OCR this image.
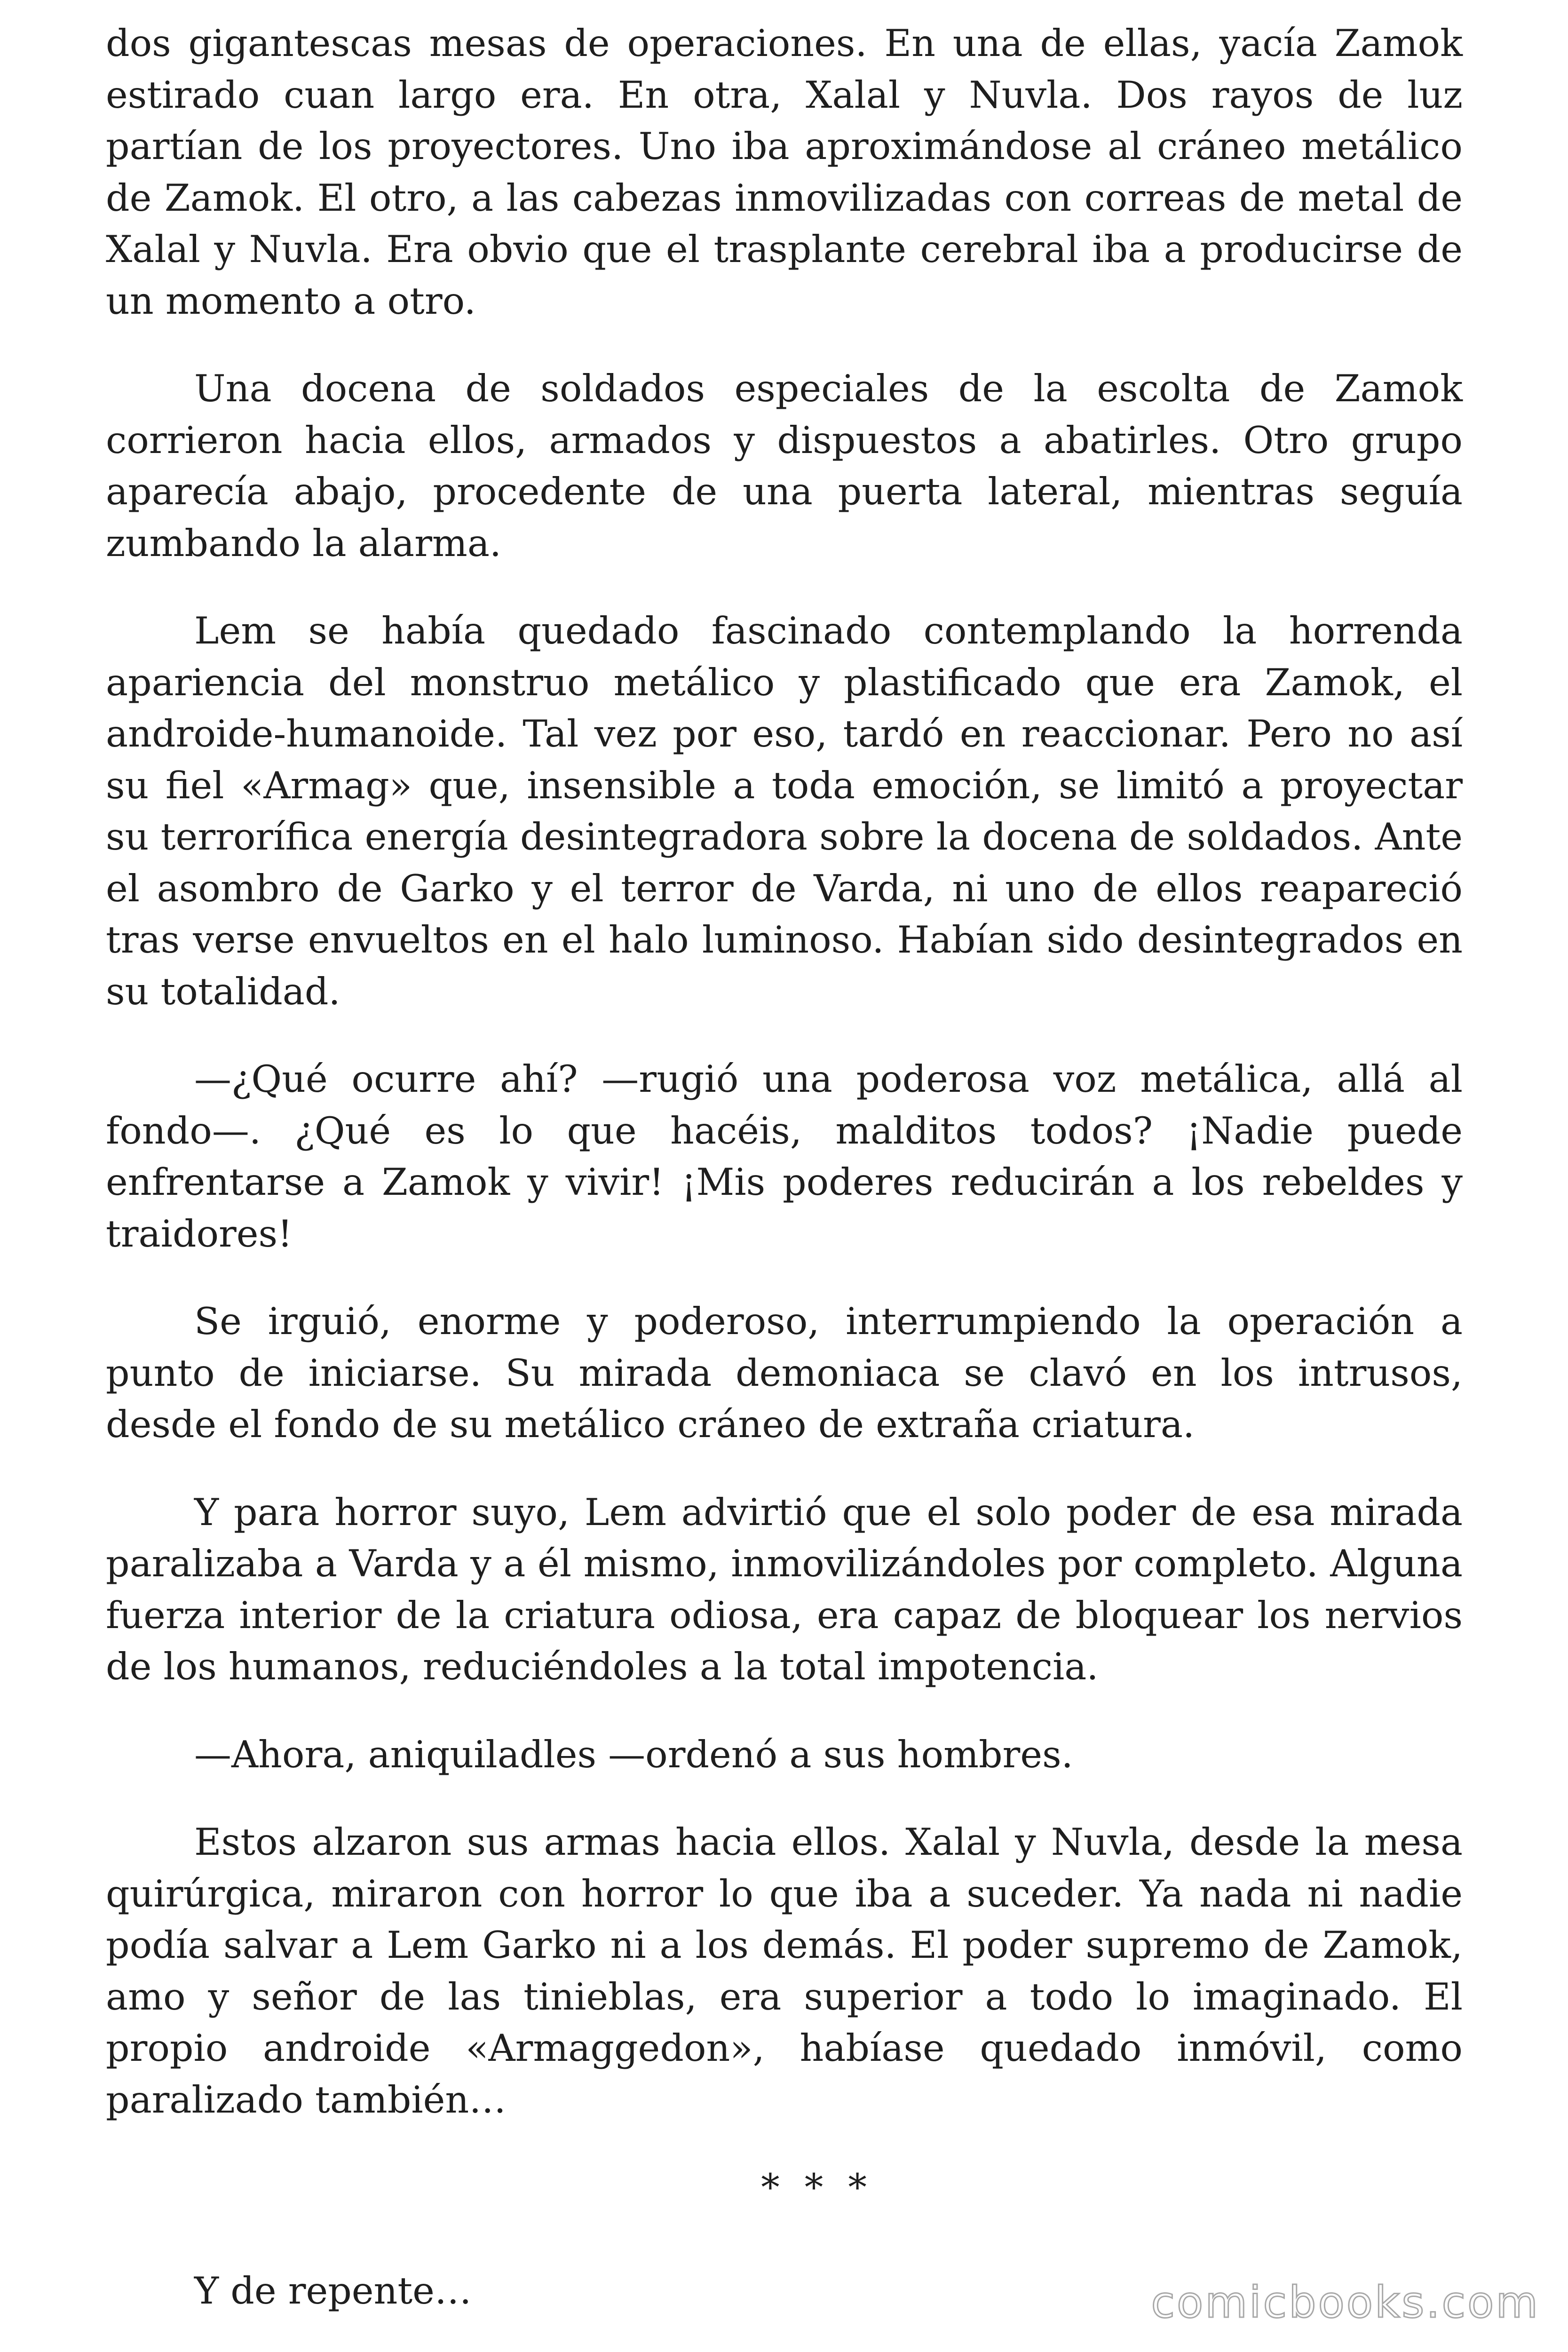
dos gigantescas mesas de operaciones. En una de ellas, yacía Zamok estirado cuan largo era. En otra, Xalal y Nuvla. Dos rayos de luz partían de los proyectores. Uno iba aproximándose al cráneo metálico de Zamok. El otro, a las cabezas inmovilizadas con correas de metal de Xalal y Nuvla. Era obvio que el trasplante cerebral iba a producirse de un momento a otro.

Una docena de soldados especiales de la escolta de Zamok corrieron hacia ellos, armados y dispuestos a abatirles. Otro grupo aparecía abajo, procedente de una puerta lateral, mientras seguía zumbando la alarma.

Lem se había quedado fascinado contemplando la horrenda apariencia del monstruo metálico y plastificado que era Zamok, el androide-humanoide. Tal vez por eso, tardó en reaccionar. Pero no así su fiel «Armag» que, insensible a toda emoción, se limitó a proyectar su terrorífica energía desintegradora sobre la docena de soldados. Ante el asombro de Garko y el terror de Varda, ni uno de ellos reapareció tras verse envueltos en el halo luminoso. Habían sido desintegrados en su totalidad.

—¿Qué ocurre ahí? —rugió una poderosa voz metálica, allá al fondo—. ¿Qué es lo que hacéis, malditos todos? ¡Nadie puede enfrentarse a Zamok y vivir! ¡Mis poderes reducirán a los rebeldes y traidores!

Se irguió, enorme y poderoso, interrumpiendo la operación a punto de iniciarse. Su mirada demoniaca se clavó en los intrusos, desde el fondo de su metálico cráneo de extraña criatura.

Y para horror suyo, Lem advirtió que el solo poder de esa mirada paralizaba a Varda y a él mismo, inmovilizándoles por completo. Alguna fuerza interior de la criatura odiosa, era capaz de bloquear los nervios de los humanos, reduciéndoles a la total impotencia.

—Ahora, aniquiladles —ordenó a sus hombres.

Estos alzaron sus armas hacia ellos. Xalal y Nuvla, desde la mesa quirúrgica, miraron con horror lo que iba a suceder. Ya nada ni nadie podía salvar a Lem Garko ni a los demás. El poder supremo de Zamok, amo y señor de las tinieblas, era superior a todo lo imaginado. El propio androide «Armaggedon», habíase quedado inmóvil, como paralizado también…

* * *

Y de repente…	comicbooks.com
